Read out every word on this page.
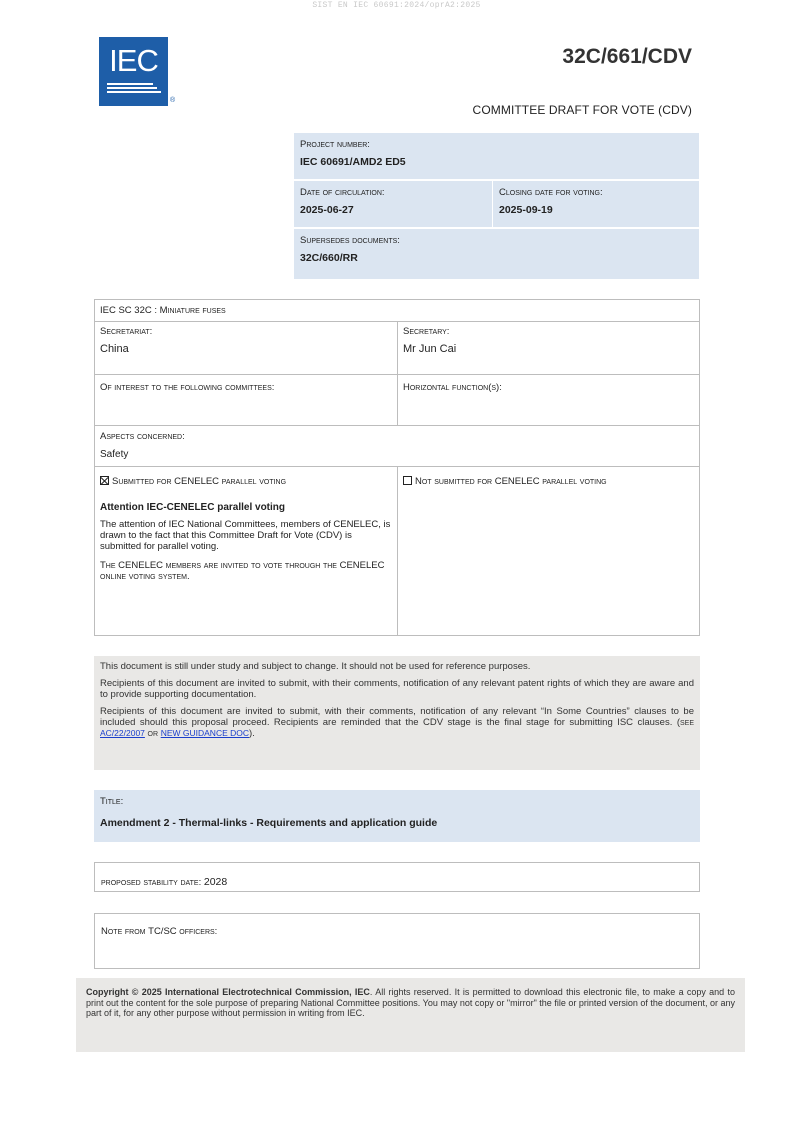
SIST EN IEC 60691:2024/oprA2:2025
IEC
®
32C/661/CDV
COMMITTEE DRAFT FOR VOTE (CDV)
Project number:
IEC 60691/AMD2 ED5
Date of circulation:
2025-06-27
Closing date for voting:
2025-09-19
Supersedes documents:
32C/660/RR
IEC SC 32C : Miniature fuses
Secretariat:
China
Secretary:
Mr Jun Cai
Of interest to the following committees:	Horizontal function(s):
Aspects concerned:
Safety
Submitted for CENELEC parallel voting
Attention IEC-CENELEC parallel voting
The attention of IEC National Committees, members of CENELEC, is drawn to the fact that this Committee Draft for Vote (CDV) is submitted for parallel voting.
The CENELEC members are invited to vote through the CENELEC online voting system.
Not submitted for CENELEC parallel voting

This document is still under study and subject to change. It should not be used for reference purposes.

Recipients of this document are invited to submit, with their comments, notification of any relevant patent rights of which they are aware and to provide supporting documentation.

Recipients of this document are invited to submit, with their comments, notification of any relevant “In Some Countries” clauses to be included should this proposal proceed. Recipients are reminded that the CDV stage is the final stage for submitting ISC clauses. (see AC/22/2007 or NEW GUIDANCE DOC).

Title:
Amendment 2 - Thermal-links - Requirements and application guide
proposed stability date: 2028
Note from TC/SC officers:
Copyright © 2025 International Electrotechnical Commission, IEC. All rights reserved. It is permitted to download this electronic file, to make a copy and to print out the content for the sole purpose of preparing National Committee positions. You may not copy or "mirror" the file or printed version of the document, or any part of it, for any other purpose without permission in writing from IEC.
